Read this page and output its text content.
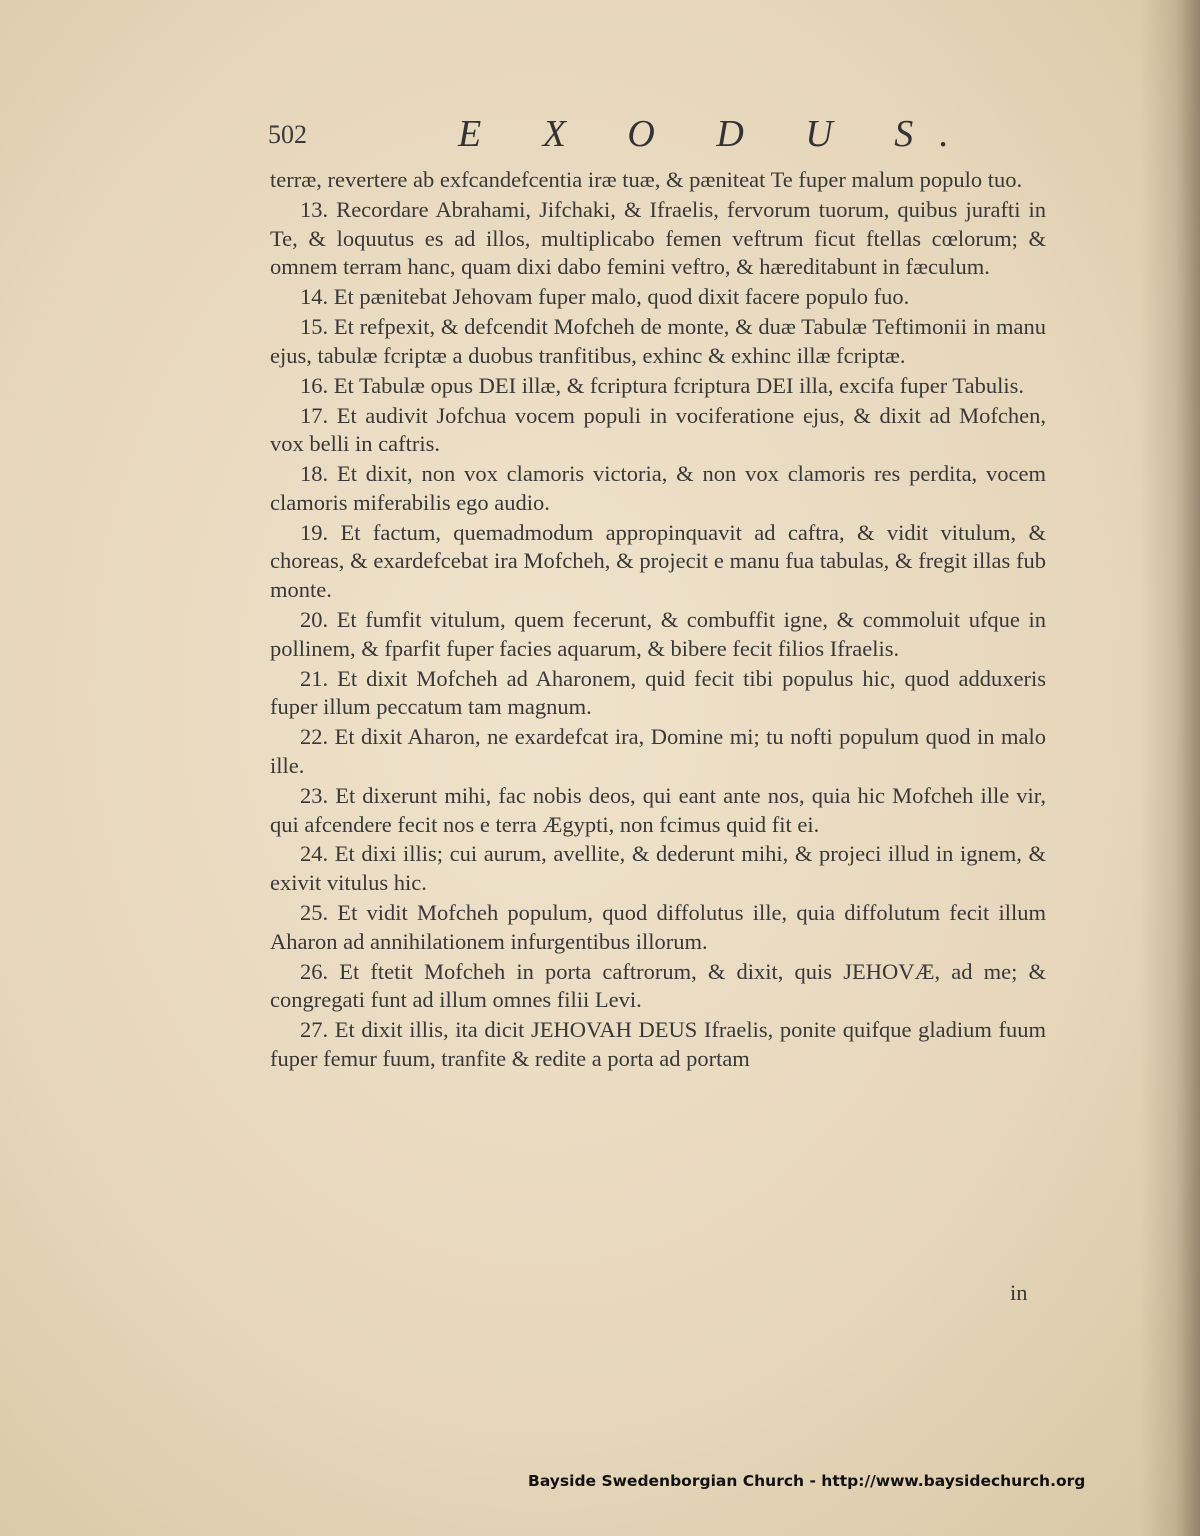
502	E X O D U S.

terræ, revertere ab exfcandefcentia iræ tuæ, & pæniteat Te fuper malum populo tuo.

13. Recordare Abrahami, Jifchaki, & Ifraelis, fervorum tuorum, quibus jurafti in Te, & loquutus es ad illos, multiplicabo femen veftrum ficut ftellas cœlorum; & omnem terram hanc, quam dixi dabo femini veftro, & hæreditabunt in fæculum.

14. Et pænitebat Jehovam fuper malo, quod dixit facere populo fuo.

15. Et refpexit, & defcendit Mofcheh de monte, & duæ Tabulæ Teftimonii in manu ejus, tabulæ fcriptæ a duobus tranfitibus, exhinc & exhinc illæ fcriptæ.

16. Et Tabulæ opus DEI illæ, & fcriptura fcriptura DEI illa, excifa fuper Tabulis.

17. Et audivit Jofchua vocem populi in vociferatione ejus, & dixit ad Mofchen, vox belli in caftris.

18. Et dixit, non vox clamoris victoria, & non vox clamoris res perdita, vocem clamoris miferabilis ego audio.

19. Et factum, quemadmodum appropinquavit ad caftra, & vidit vitulum, & choreas, & exardefcebat ira Mofcheh, & projecit e manu fua tabulas, & fregit illas fub monte.

20. Et fumfit vitulum, quem fecerunt, & combuffit igne, & commoluit ufque in pollinem, & fparfit fuper facies aquarum, & bibere fecit filios Ifraelis.

21. Et dixit Mofcheh ad Aharonem, quid fecit tibi populus hic, quod adduxeris fuper illum peccatum tam magnum.

22. Et dixit Aharon, ne exardefcat ira, Domine mi; tu nofti populum quod in malo ille.

23. Et dixerunt mihi, fac nobis deos, qui eant ante nos, quia hic Mofcheh ille vir, qui afcendere fecit nos e terra Ægypti, non fcimus quid fit ei.

24. Et dixi illis; cui aurum, avellite, & dederunt mihi, & projeci illud in ignem, & exivit vitulus hic.

25. Et vidit Mofcheh populum, quod diffolutus ille, quia diffolutum fecit illum Aharon ad annihilationem infurgentibus illorum.

26. Et ftetit Mofcheh in porta caftrorum, & dixit, quis JEHOVÆ, ad me; & congregati funt ad illum omnes filii Levi.

27. Et dixit illis, ita dicit JEHOVAH DEUS Ifraelis, ponite quifque gladium fuum fuper femur fuum, tranfite & redite a porta ad portam

in
Bayside Swedenborgian Church - http://www.baysidechurch.org
